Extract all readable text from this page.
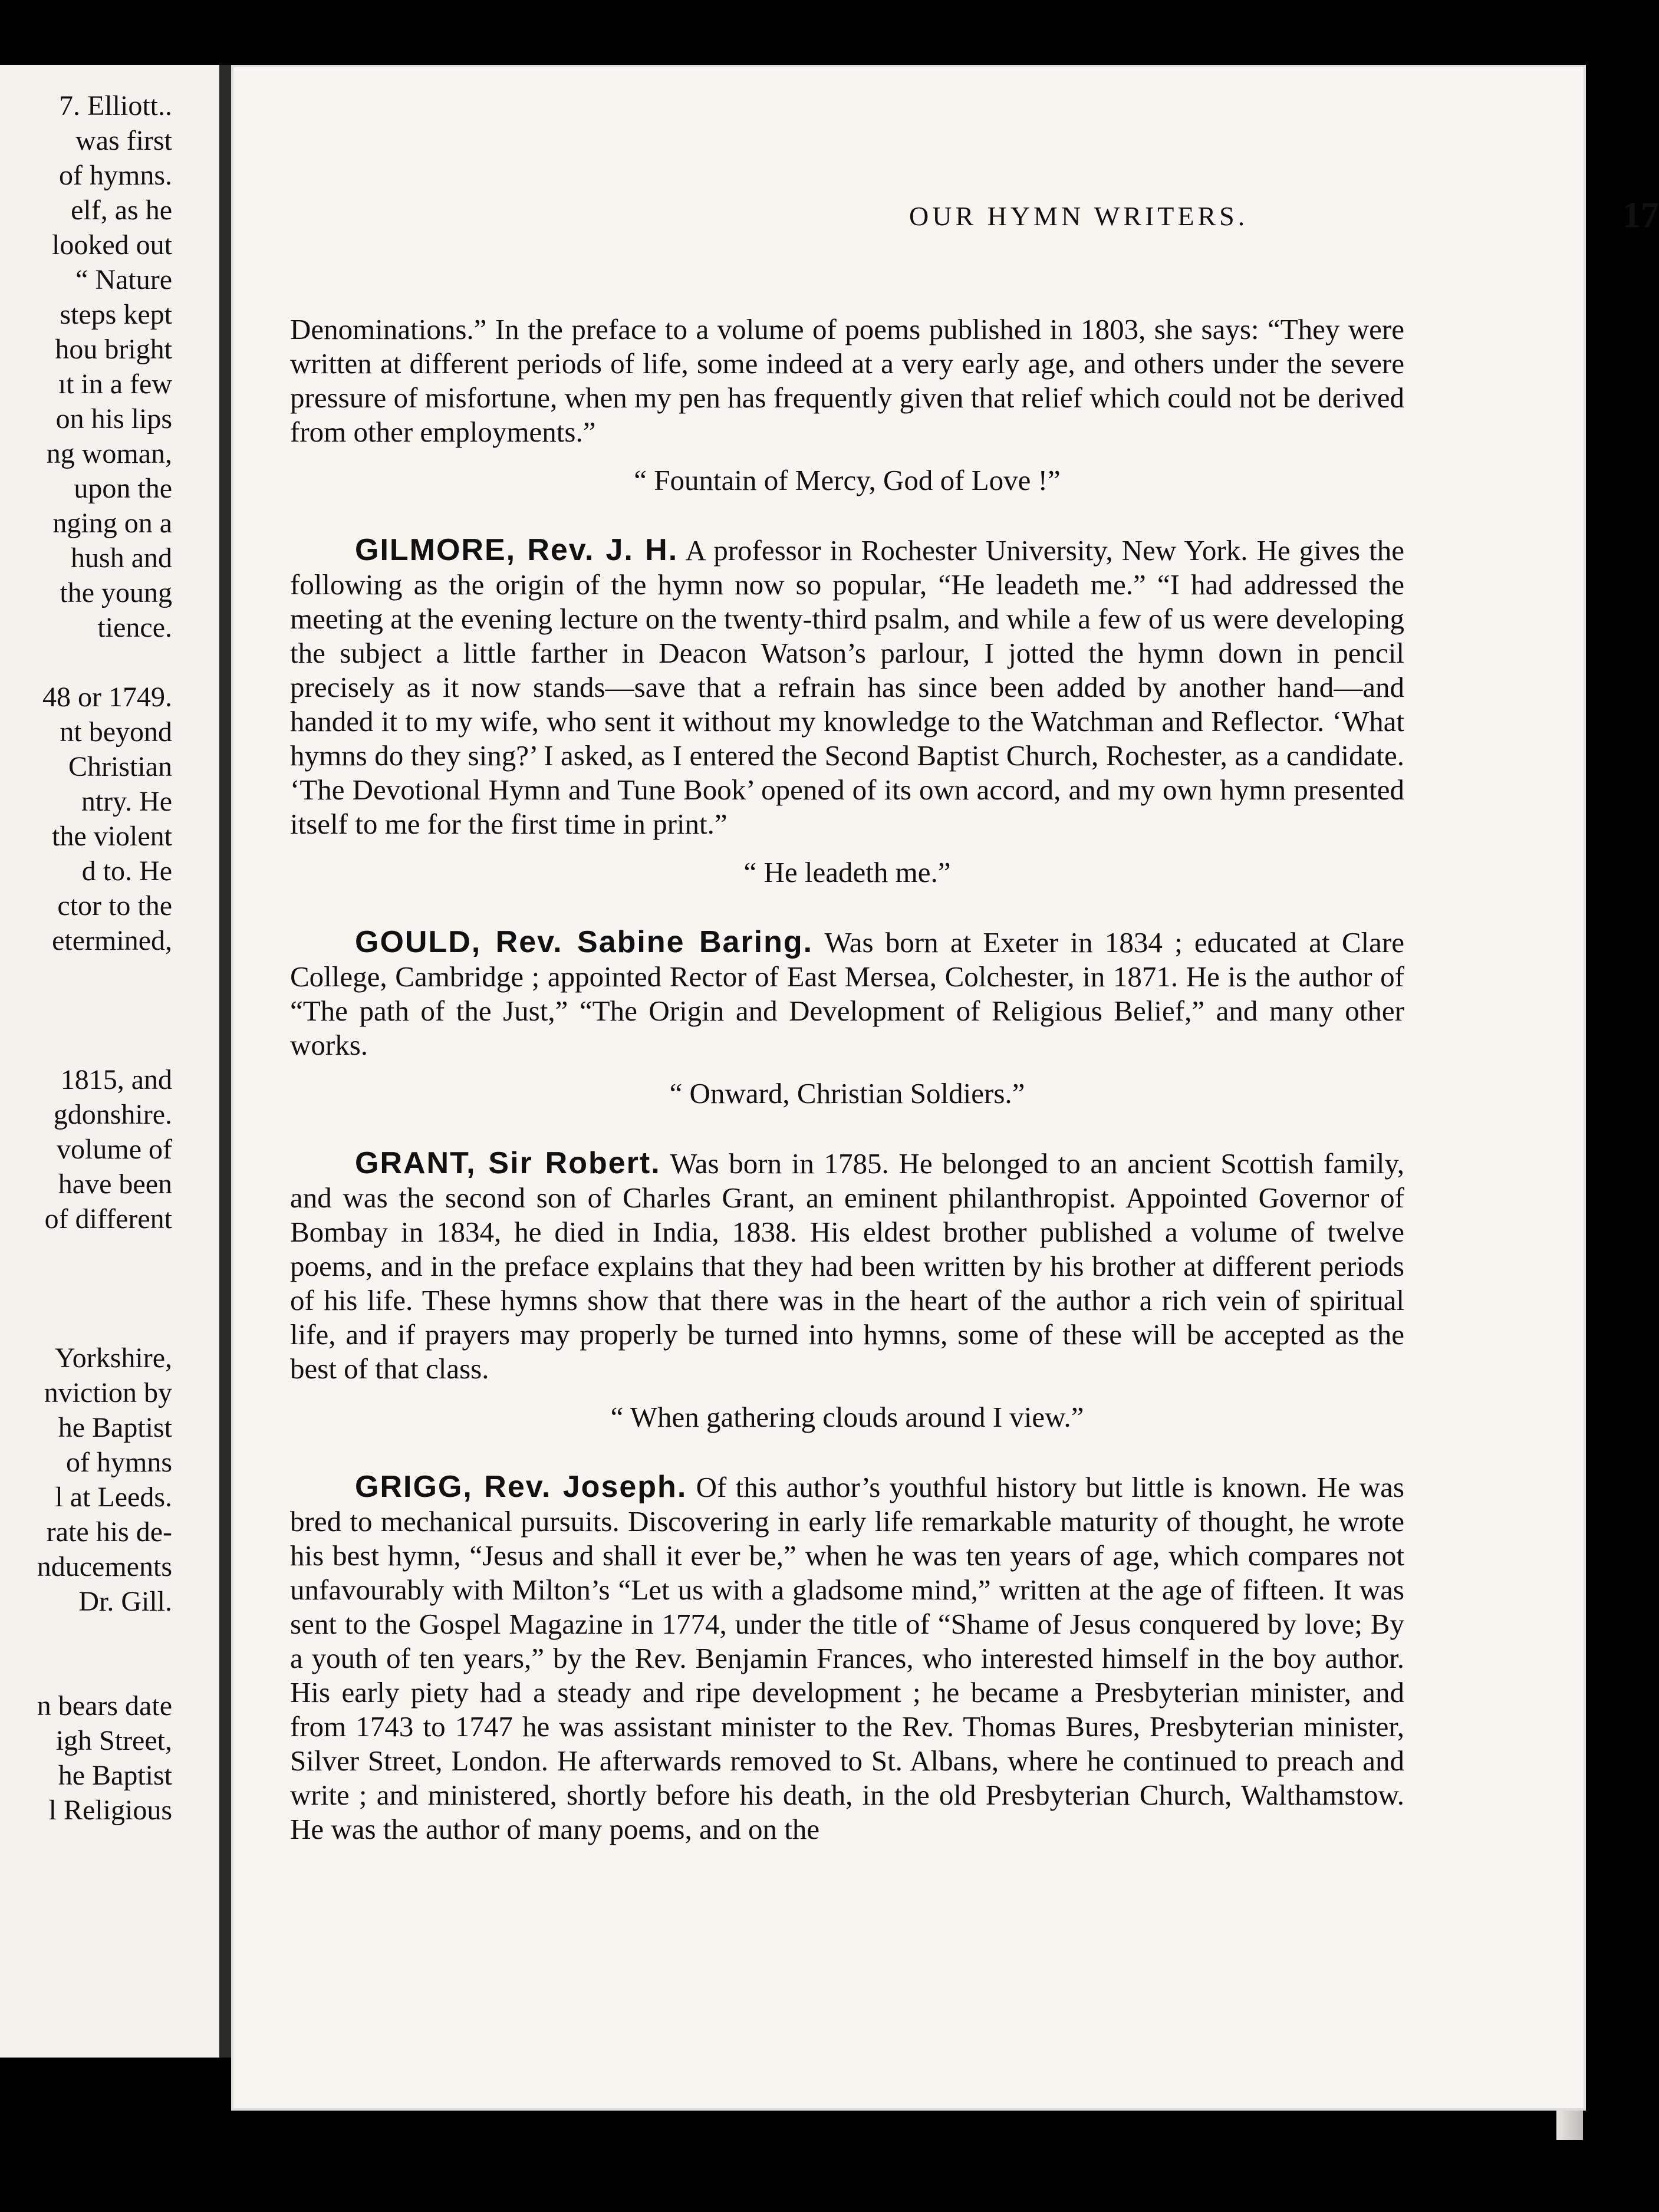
7. Elliott..
was first
of hymns.
elf, as he
looked out
“ Nature
steps kept
hou bright
ıt in a few
on his lips
ng woman,
upon the
nging on a
hush and
the young
tience.
48 or 1749.
nt beyond
Christian
ntry. He
the violent
d to. He
ctor to the
etermined,
1815, and
gdonshire.
volume of
have been
of different
Yorkshire,
nviction by
he Baptist
of hymns
l at Leeds.
rate his de-
nducements
Dr. Gill.
n bears date
igh Street,
he Baptist
l Religious
OUR HYMN WRITERS.	17

Denominations.” In the preface to a volume of poems published in 1803, she says: “They were written at different periods of life, some indeed at a very early age, and others under the severe pressure of misfortune, when my pen has frequently given that relief which could not be derived from other employments.”

“ Fountain of Mercy, God of Love !”

GILMORE, Rev. J. H. A professor in Rochester University, New York. He gives the following as the origin of the hymn now so popular, “He leadeth me.” “I had addressed the meeting at the evening lecture on the twenty-third psalm, and while a few of us were developing the subject a little farther in Deacon Watson’s parlour, I jotted the hymn down in pencil precisely as it now stands—save that a refrain has since been added by another hand—and handed it to my wife, who sent it without my knowledge to the Watchman and Reflector. ‘What hymns do they sing?’ I asked, as I entered the Second Baptist Church, Rochester, as a candidate. ‘The Devotional Hymn and Tune Book’ opened of its own accord, and my own hymn presented itself to me for the first time in print.”

“ He leadeth me.”

GOULD, Rev. Sabine Baring. Was born at Exeter in 1834 ; educated at Clare College, Cambridge ; appointed Rector of East Mersea, Colchester, in 1871. He is the author of “The path of the Just,” “The Origin and Development of Religious Belief,” and many other works.

“ Onward, Christian Soldiers.”

GRANT, Sir Robert. Was born in 1785. He belonged to an ancient Scottish family, and was the second son of Charles Grant, an eminent philanthropist. Appointed Governor of Bombay in 1834, he died in India, 1838. His eldest brother published a volume of twelve poems, and in the preface explains that they had been written by his brother at different periods of his life. These hymns show that there was in the heart of the author a rich vein of spiritual life, and if prayers may properly be turned into hymns, some of these will be accepted as the best of that class.

“ When gathering clouds around I view.”

GRIGG, Rev. Joseph. Of this author’s youthful history but little is known. He was bred to mechanical pursuits. Discovering in early life remarkable maturity of thought, he wrote his best hymn, “Jesus and shall it ever be,” when he was ten years of age, which compares not unfavourably with Milton’s “Let us with a gladsome mind,” written at the age of fifteen. It was sent to the Gospel Magazine in 1774, under the title of “Shame of Jesus conquered by love; By a youth of ten years,” by the Rev. Benjamin Frances, who interested himself in the boy author. His early piety had a steady and ripe development ; he became a Presbyterian minister, and from 1743 to 1747 he was assistant minister to the Rev. Thomas Bures, Presbyterian minister, Silver Street, London. He afterwards removed to St. Albans, where he continued to preach and write ; and ministered, shortly before his death, in the old Presbyterian Church, Walthamstow. He was the author of many poems, and on the
